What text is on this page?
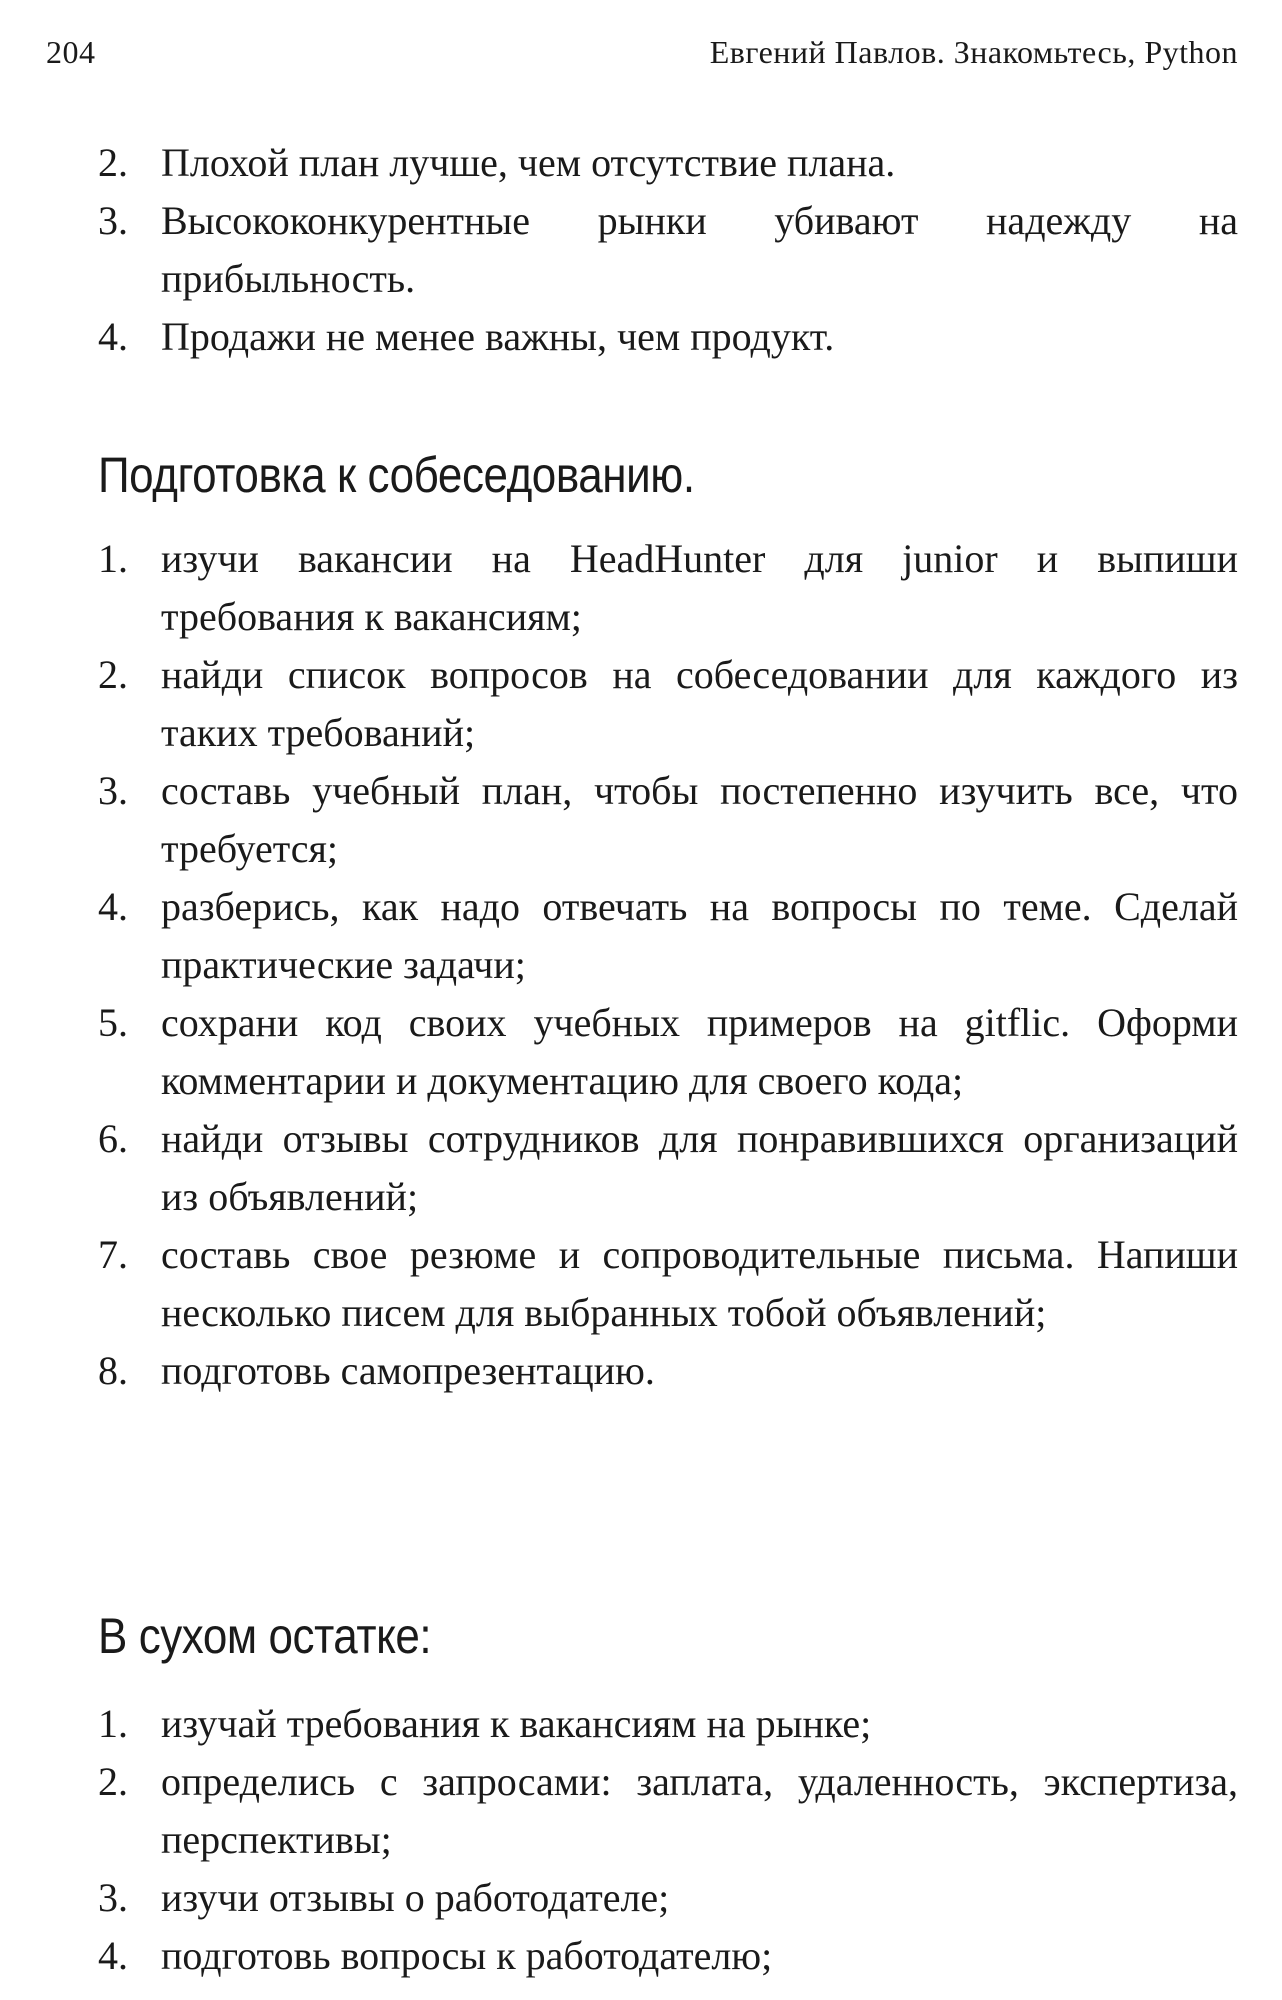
204	Евгений Павлов. Знакомьтесь, Python
2. Плохой план лучше, чем отсутствие плана.
3. Высококонкурентные рынки убивают надежду на прибыльность.
4. Продажи не менее важны, чем продукт.
Подготовка к собеседованию.
1. изучи вакансии на HeadHunter для junior и выпиши требования к вакансиям;
2. найди список вопросов на собеседовании для каждого из таких требований;
3. составь учебный план, чтобы постепенно изучить все, что требуется;
4. разберись, как надо отвечать на вопросы по теме. Сделай практические задачи;
5. сохрани код своих учебных примеров на gitflic. Оформи комментарии и документацию для своего кода;
6. найди отзывы сотрудников для понравившихся организаций из объявлений;
7. составь свое резюме и сопроводительные письма. Напиши несколько писем для выбранных тобой объявлений;
8. подготовь самопрезентацию.
В сухом остатке:
1. изучай требования к вакансиям на рынке;
2. определись с запросами: заплата, удаленность, экспертиза, перспективы;
3. изучи отзывы о работодателе;
4. подготовь вопросы к работодателю;
